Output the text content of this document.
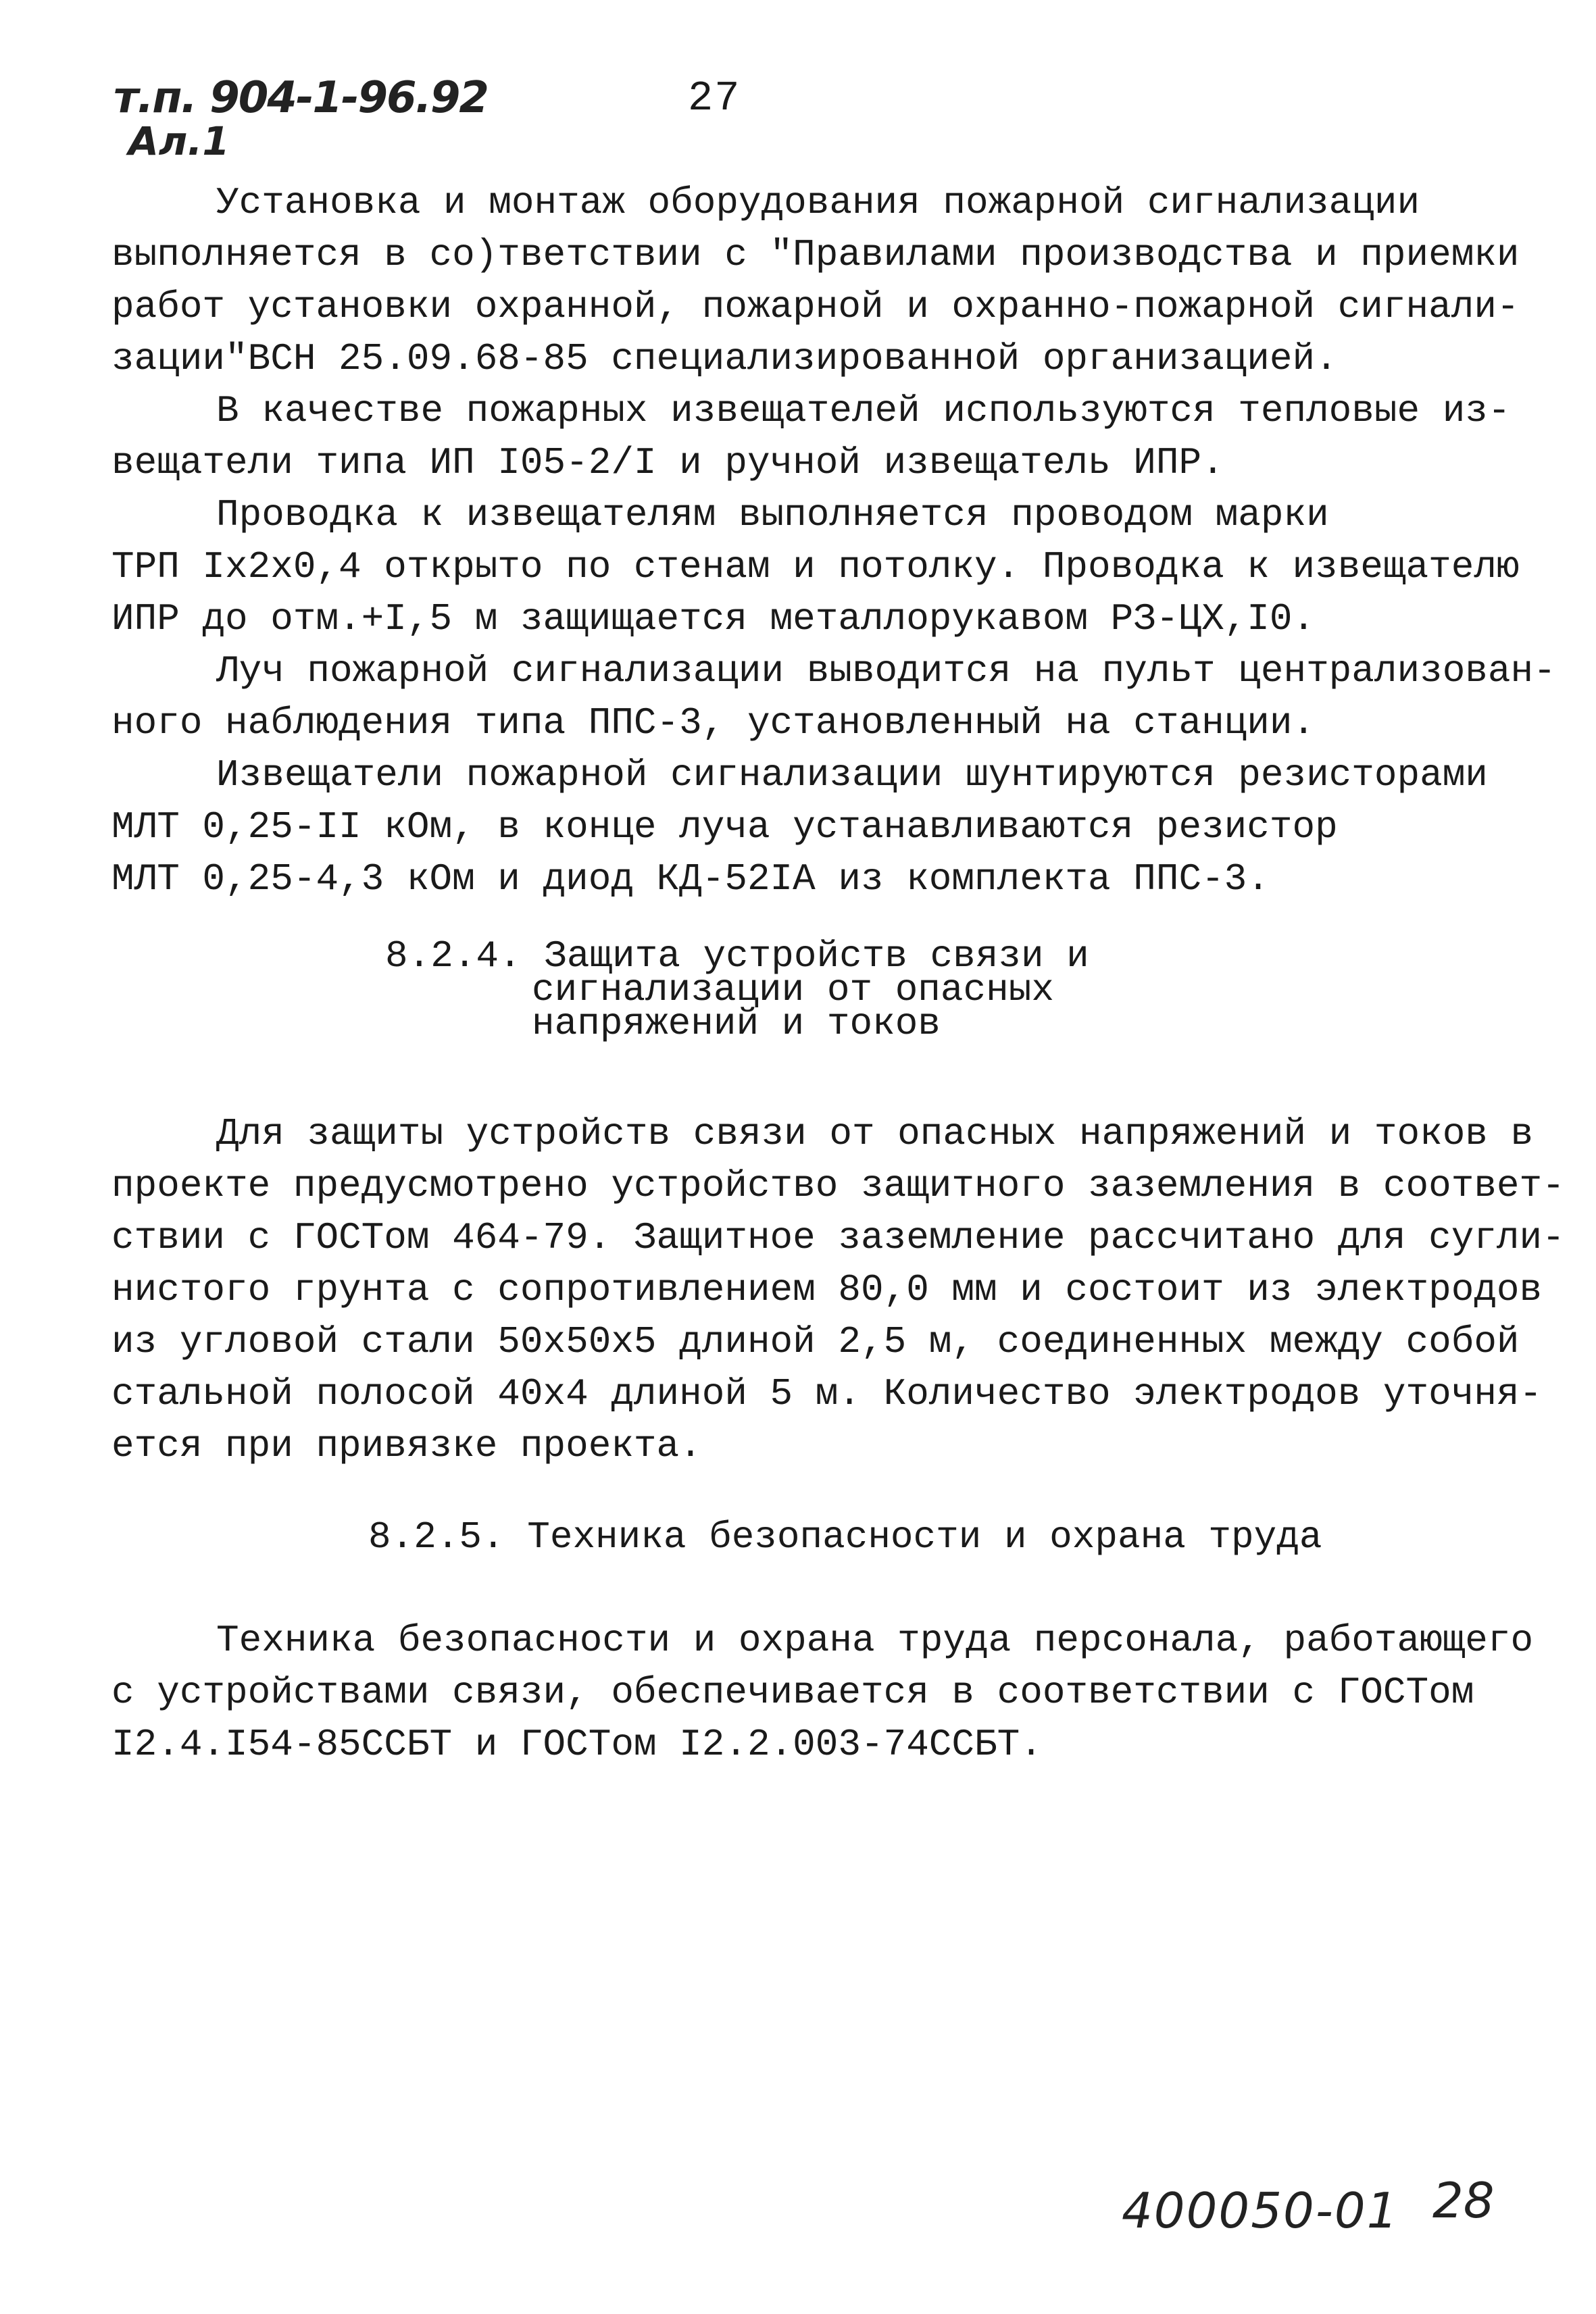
т.п. 904-1-96.92

Ал.1

27

Установка и монтаж оборудования пожарной сигнализации
выполняется в со)тветствии с "Правилами производства и приемки
работ установки охранной, пожарной и охранно-пожарной сигнали-
зации"ВСН 25.09.68-85 специализированной организацией.
В качестве пожарных извещателей используются тепловые из-
вещатели типа ИП I05-2/I и ручной извещатель ИПР.
Проводка к извещателям выполняется проводом марки
ТРП Iх2х0,4 открыто по стенам и потолку. Проводка к извещателю
ИПР до отм.+I,5 м защищается металлорукавом РЗ-ЦХ,I0.
Луч пожарной сигнализации выводится на пульт централизован-
ного наблюдения типа ППС-3, установленный на станции.
Извещатели пожарной сигнализации шунтируются резисторами
МЛТ 0,25-II кОм, в конце луча устанавливаются резистор
МЛТ 0,25-4,3 кОм и диод КД-52IА из комплекта ППС-3.
8.2.4. Защита устройств связи и
сигнализации от опасных
напряжений и токов
Для защиты устройств связи от опасных напряжений и токов в
проекте предусмотрено устройство защитного заземления в соответ-
ствии с ГОСТом 464-79. Защитное заземление рассчитано для сугли-
нистого грунта с сопротивлением 80,0 мм и состоит из электродов
из угловой стали 50х50х5 длиной 2,5 м, соединенных между собой
стальной полосой 40х4 длиной 5 м. Количество электродов уточня-
ется при привязке проекта.

8.2.5. Техника безопасности и охрана труда

Техника безопасности и охрана труда персонала, работающего
с устройствами связи, обеспечивается в соответствии с ГОСТом
I2.4.I54-85ССБТ и ГОСТом I2.2.003-74ССБТ.

400050-01 28
